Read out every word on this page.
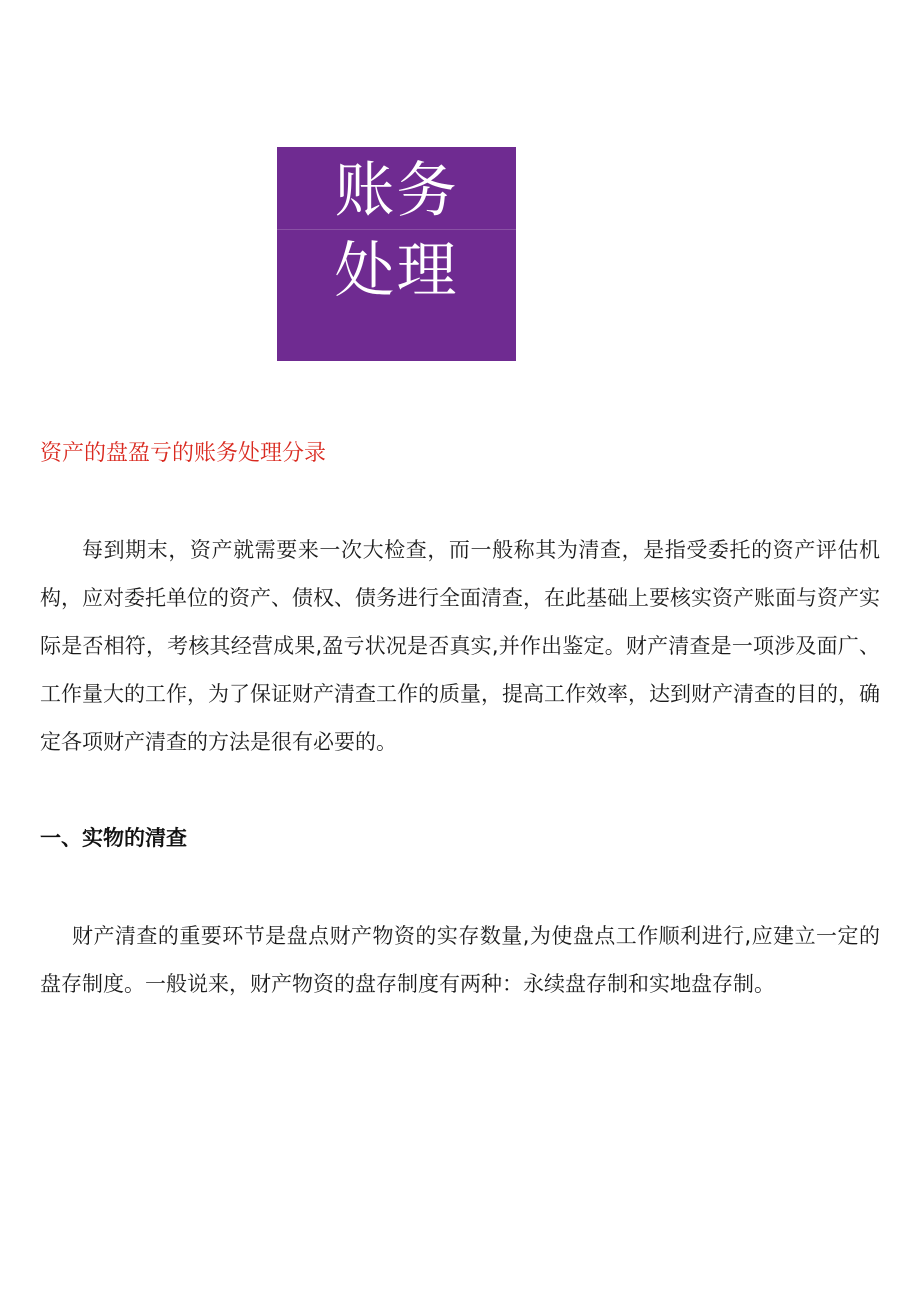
账务
处理
资产的盘盈亏的账务处理分录

每到期末，资产就需要来一次大检查，而一般称其为清查，是指受委托的资产评估机构，应对委托单位的资产、债权、债务进行全面清查，在此基础上要核实资产账面与资产实际是否相符，考核其经营成果,盈亏状况是否真实,并作出鉴定。财产清查是一项涉及面广、工作量大的工作，为了保证财产清查工作的质量，提高工作效率，达到财产清查的目的，确定各项财产清查的方法是很有必要的。

一、实物的清查

财产清查的重要环节是盘点财产物资的实存数量,为使盘点工作顺利进行,应建立一定的盘存制度。一般说来，财产物资的盘存制度有两种：永续盘存制和实地盘存制。
